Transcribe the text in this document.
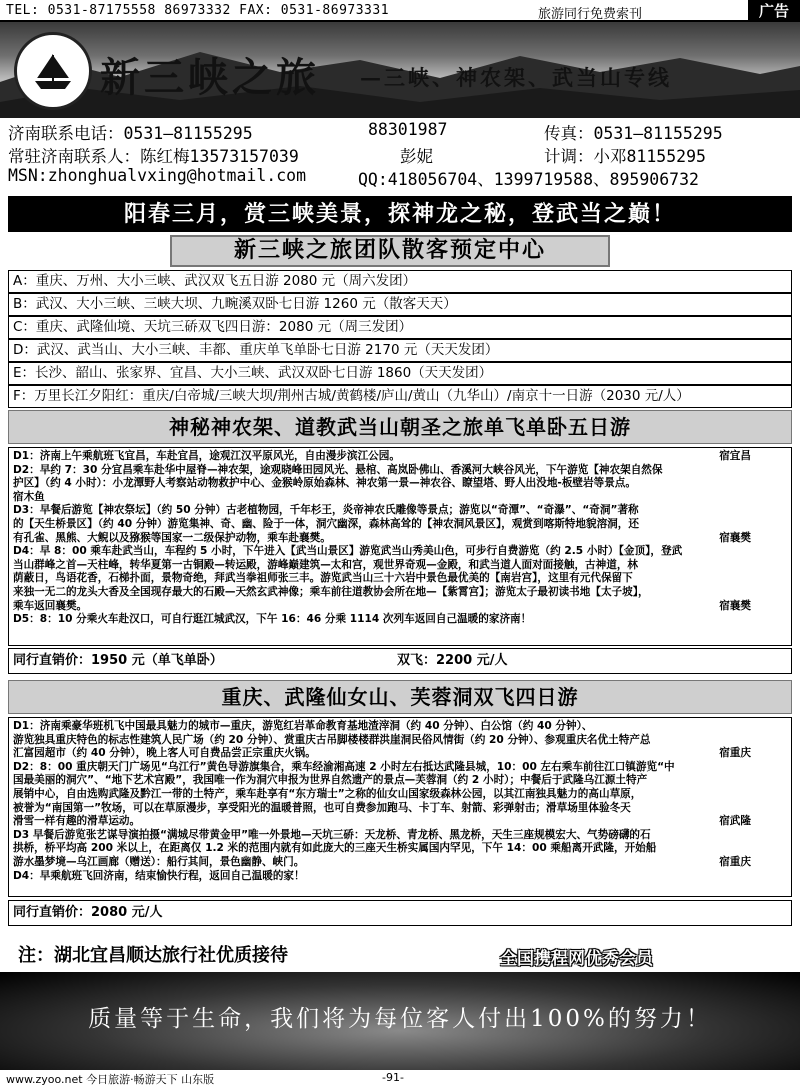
TEL: 0531-87175558 86973332 FAX: 0531-86973331	旅游同行免费索刊	广告
新三峡之旅 —三峡、神农架、武当山专线
济南联系电话：0531—81155295	88301987	传真：0531—81155295
常驻济南联系人：陈红梅13573157039	彭妮	计调：小邓81155295
MSN:zhonghualvxing@hotmail.com	QQ:418056704、1399719588、895906732
阳春三月，赏三峡美景，探神龙之秘，登武当之巅！
新三峡之旅团队散客预定中心
A：重庆、万州、大小三峡、武汉双飞五日游 2080 元（周六发团）
B：武汉、大小三峡、三峡大坝、九畹溪双卧七日游 1260 元（散客天天）
C：重庆、武隆仙境、天坑三硚双飞四日游：2080 元（周三发团）
D：武汉、武当山、大小三峡、丰都、重庆单飞单卧七日游 2170 元（天天发团）
E：长沙、韶山、张家界、宜昌、大小三峡、武汉双卧七日游 1860（天天发团）
F：万里长江夕阳红：重庆/白帝城/三峡大坝/荆州古城/黄鹤楼/庐山/黄山（九华山）/南京十一日游（2030 元/人）
神秘神农架、道教武当山朝圣之旅单飞单卧五日游

D1：济南上午乘航班飞宜昌，车赴宜昌，途观江汉平原风光，自由漫步滨江公园。	宿宜昌

D2：早约 7：30 分宜昌乘车赴华中屋脊—神农架，途观晓峰田园风光、悬棺、高岚卧佛山、香溪河大峡谷风光，下午游览【神农架自然保

护区】（约 4 小时）：小龙潭野人考察站动物救护中心、金猴岭原始森林、神农第一景—神农谷、瞭望塔、野人出没地-板壁岩等景点。

宿木鱼

D3：早餐后游览【神农祭坛】（约 50 分钟）古老植物园，千年杉王，炎帝神农氏雕像等景点；游览以“奇潭”、“奇瀑”、“奇洞”著称

的【天生桥景区】（约 40 分钟）游览集神、奇、幽、险于一体，洞穴幽深，森林高耸的【神农洞风景区】，观赏到喀斯特地貌溶洞，还

有孔雀、黑熊、大鲵以及猕猴等国家一二级保护动物，乘车赴襄樊。	宿襄樊

D4：早 8：00 乘车赴武当山，车程约 5 小时，下午进入【武当山景区】游览武当山秀美山色，可步行自费游览（约 2.5 小时）【金顶】，登武

当山群峰之首—天柱峰，转华夏第一古铜殿—转运殿，游峰巅建筑—太和宫，观世界奇观—金殿，和武当道人面对面接触，古神道，林

荫蔽日，鸟语花香，石梯扑面，景物奇绝，拜武当拳祖师张三丰。游览武当山三十六岩中景色最优美的【南岩宫】，这里有元代保留下

来独一无二的龙头大香及全国现存最大的石殿—天然玄武神像；乘车前往道教协会所在地—【紫霄宫】；游览太子最初读书地【太子坡】，

乘车返回襄樊。	宿襄樊

D5：8：10 分乘火车赴汉口，可自行逛江城武汉，下午 16：46 分乘 1114 次列车返回自己温暖的家济南！

同行直销价：1950 元（单飞单卧）	双飞：2200 元/人
重庆、武隆仙女山、芙蓉洞双飞四日游

D1：济南乘豪华班机飞中国最具魅力的城市—重庆，游览红岩革命教育基地渣滓洞（约 40 分钟）、白公馆（约 40 分钟）、

游览独具重庆特色的标志性建筑人民广场（约 20 分钟）、赏重庆古吊脚楼楼群洪崖洞民俗风情街（约 20 分钟）、参观重庆名优土特产总

汇富园超市（约 40 分钟），晚上客人可自费品尝正宗重庆火锅。	宿重庆

D2：8：00 重庆朝天门广场见“乌江行”黄色导游旗集合，乘车经渝湘高速 2 小时左右抵达武隆县城，10：00 左右乘车前往江口镇游览“中

国最美丽的洞穴”、“地下艺术宫殿”，我国唯一作为洞穴申报为世界自然遗产的景点—芙蓉洞（约 2 小时）；中餐后于武隆乌江源土特产

展销中心，自由选购武隆及黔江一带的土特产，乘车赴享有“东方瑞士”之称的仙女山国家级森林公园，以其江南独具魅力的高山草原，

被誉为“南国第一”牧场，可以在草原漫步，享受阳光的温暖普照，也可自费参加跑马、卡丁车、射箭、彩弹射击；滑草场里体验冬天

滑雪一样有趣的滑草运动。	宿武隆

D3 早餐后游览张艺谋导演拍摄“满城尽带黄金甲”唯一外景地—天坑三硚：天龙桥、青龙桥、黑龙桥，天生三座规模宏大、气势磅礴的石

拱桥，桥平均高 200 米以上，在距离仅 1.2 米的范围内就有如此庞大的三座天生桥实属国内罕见，下午 14：00 乘船离开武隆，开始船

游水墨梦境—乌江画廊（赠送）：船行其间，景色幽静、峡门。	宿重庆

D4：早乘航班飞回济南，结束愉快行程，返回自己温暖的家！

同行直销价：2080 元/人
注：湖北宜昌顺达旅行社优质接待	全国携程网优秀会员
质量等于生命，我们将为每位客人付出100%的努力！
www.zyoo.net 今日旅游·畅游天下 山东版	-91-
